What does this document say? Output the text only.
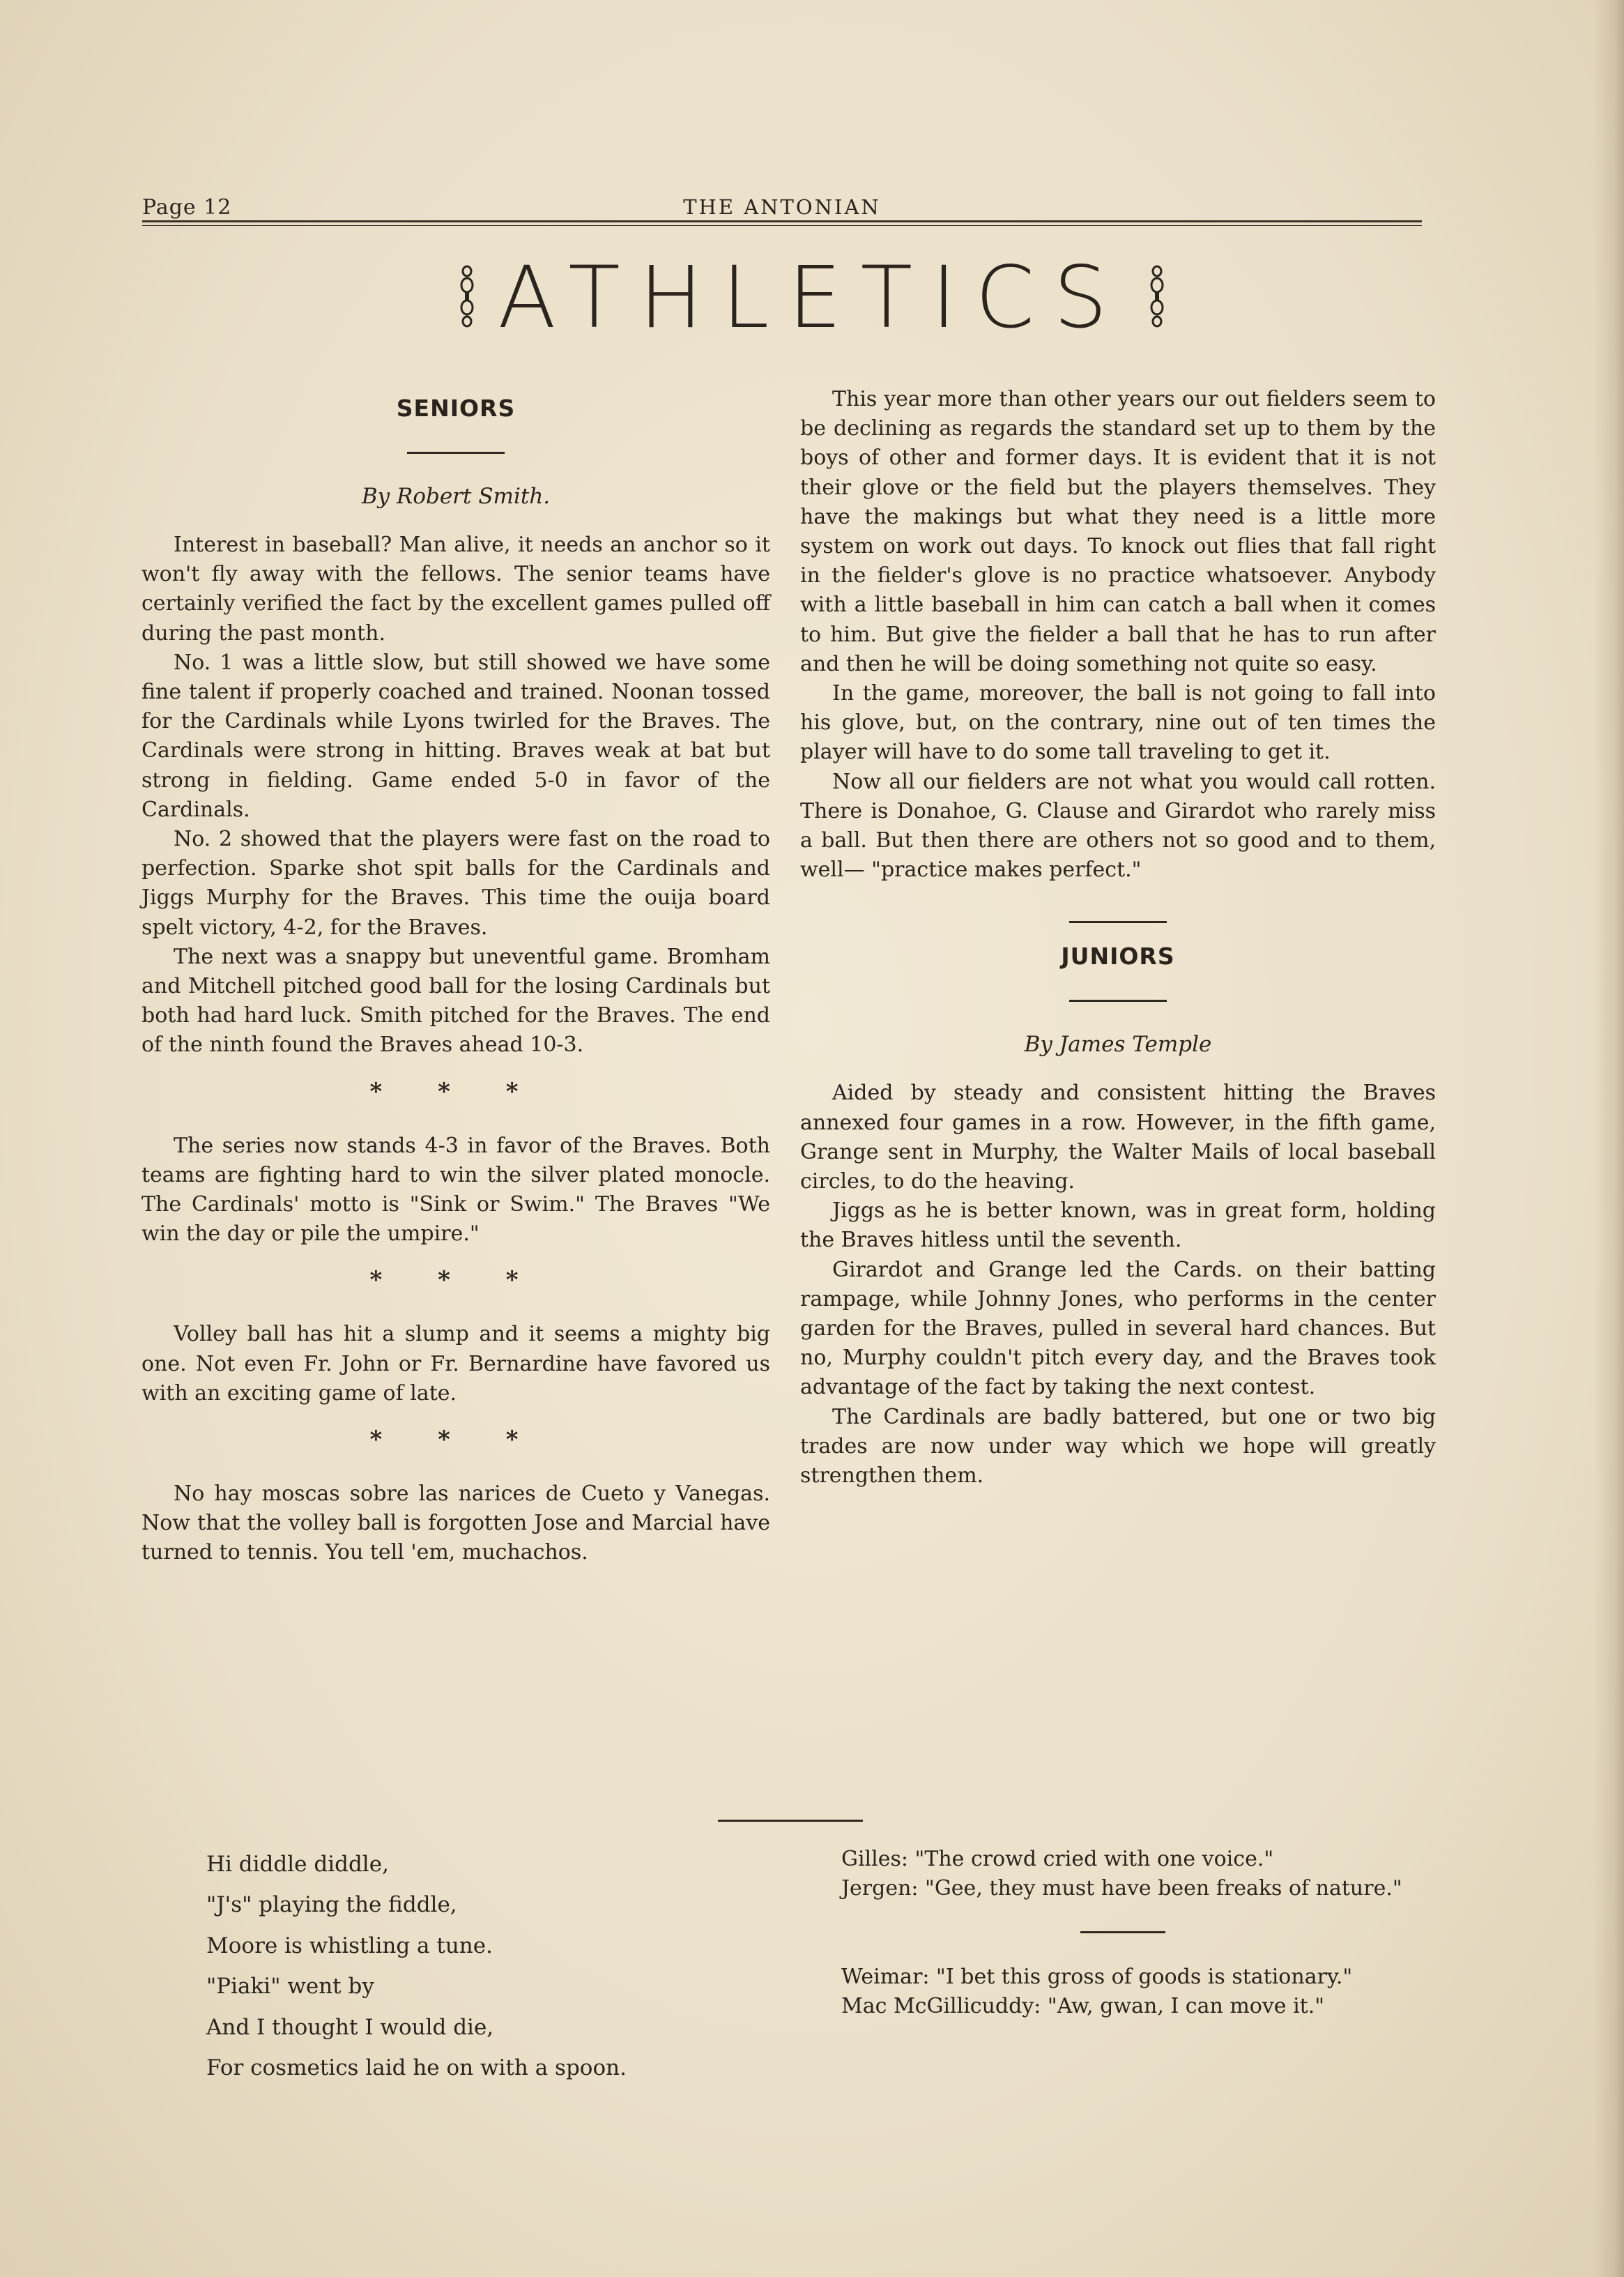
Page 12	THE ANTONIAN
ATHLETICS
SENIORS
By Robert Smith.

Interest in baseball? Man alive, it needs an anchor so it won't fly away with the fellows. The senior teams have certainly verified the fact by the excellent games pulled off during the past month.

No. 1 was a little slow, but still showed we have some fine talent if properly coached and trained. Noonan tossed for the Cardinals while Lyons twirled for the Braves. The Cardinals were strong in hitting. Braves weak at bat but strong in fielding. Game ended 5-0 in favor of the Cardinals.

No. 2 showed that the players were fast on the road to perfection. Sparke shot spit balls for the Cardinals and Jiggs Murphy for the Braves. This time the ouija board spelt victory, 4-2, for the Braves.

The next was a snappy but uneventful game. Bromham and Mitchell pitched good ball for the losing Cardinals but both had hard luck. Smith pitched for the Braves. The end of the ninth found the Braves ahead 10-3.

* * *

The series now stands 4-3 in favor of the Braves. Both teams are fighting hard to win the silver plated monocle. The Cardinals' motto is "Sink or Swim." The Braves "We win the day or pile the umpire."

* * *

Volley ball has hit a slump and it seems a mighty big one. Not even Fr. John or Fr. Bernardine have favored us with an exciting game of late.

* * *

No hay moscas sobre las narices de Cueto y Vanegas. Now that the volley ball is forgotten Jose and Marcial have turned to tennis. You tell 'em, muchachos.

This year more than other years our out fielders seem to be declining as regards the standard set up to them by the boys of other and former days. It is evident that it is not their glove or the field but the players themselves. They have the makings but what they need is a little more system on work out days. To knock out flies that fall right in the fielder's glove is no practice whatsoever. Anybody with a little baseball in him can catch a ball when it comes to him. But give the fielder a ball that he has to run after and then he will be doing something not quite so easy.

In the game, moreover, the ball is not going to fall into his glove, but, on the contrary, nine out of ten times the player will have to do some tall traveling to get it.

Now all our fielders are not what you would call rotten. There is Donahoe, G. Clause and Girardot who rarely miss a ball. But then there are others not so good and to them, well— "practice makes perfect."

JUNIORS
By James Temple

Aided by steady and consistent hitting the Braves annexed four games in a row. However, in the fifth game, Grange sent in Murphy, the Walter Mails of local baseball circles, to do the heaving.

Jiggs as he is better known, was in great form, holding the Braves hitless until the seventh.

Girardot and Grange led the Cards. on their batting rampage, while Johnny Jones, who performs in the center garden for the Braves, pulled in several hard chances. But no, Murphy couldn't pitch every day, and the Braves took advantage of the fact by taking the next contest.

The Cardinals are badly battered, but one or two big trades are now under way which we hope will greatly strengthen them.

Hi diddle diddle,
"J's" playing the fiddle,
Moore is whistling a tune.
"Piaki" went by
And I thought I would die,
For cosmetics laid he on with a spoon.

Gilles: "The crowd cried with one voice."

Jergen: "Gee, they must have been freaks of nature."

Weimar: "I bet this gross of goods is stationary."

Mac McGillicuddy: "Aw, gwan, I can move it."
